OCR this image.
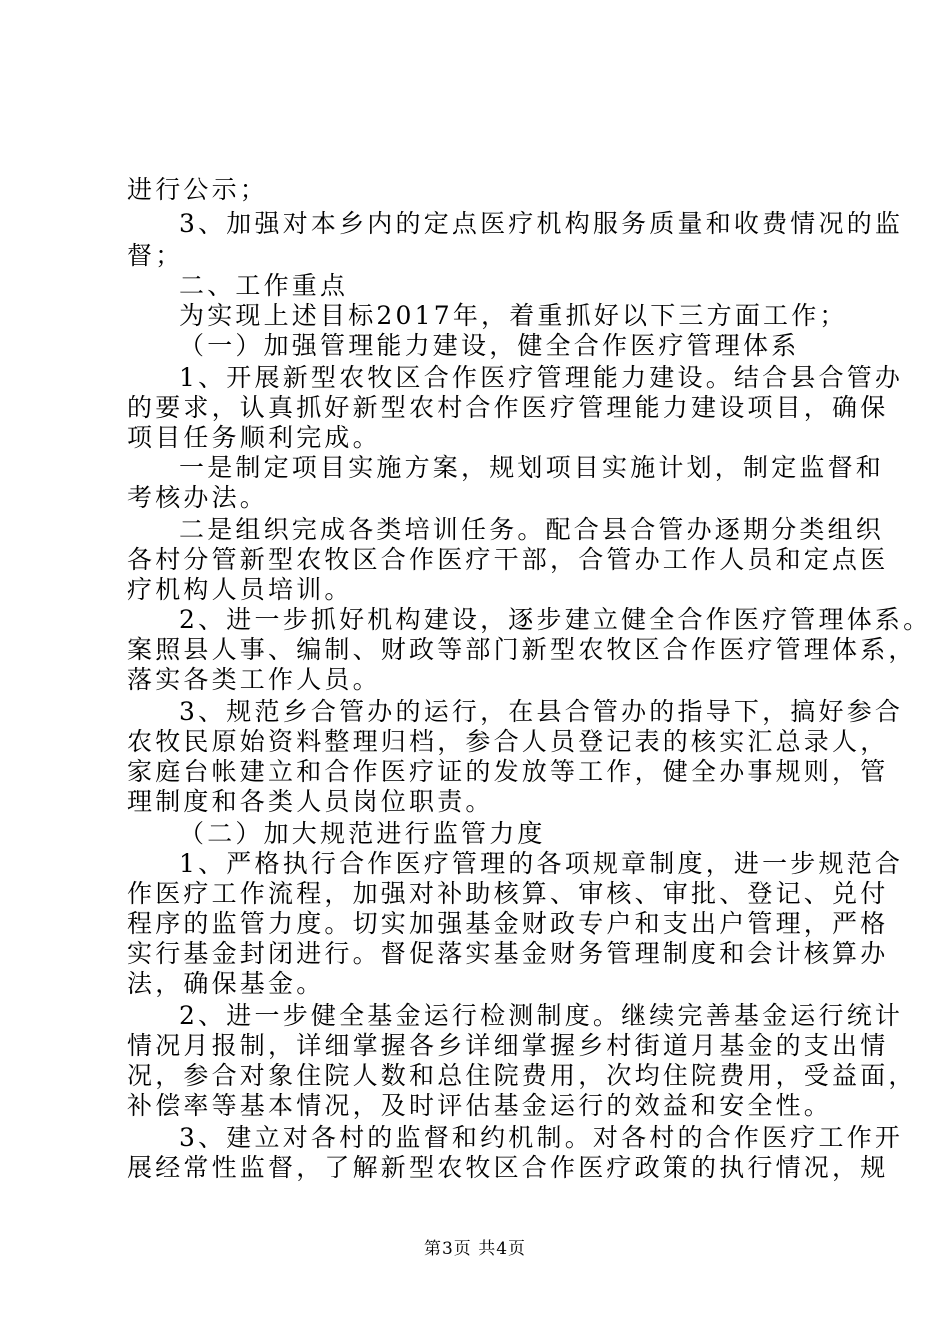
进行公示；
3、加强对本乡内的定点医疗机构服务质量和收费情况的监
督；
二、工作重点
为实现上述目标2017年，着重抓好以下三方面工作；
（一）加强管理能力建设，健全合作医疗管理体系
1、开展新型农牧区合作医疗管理能力建设。结合县合管办
的要求，认真抓好新型农村合作医疗管理能力建设项目，确保
项目任务顺利完成。
一是制定项目实施方案，规划项目实施计划，制定监督和
考核办法。
二是组织完成各类培训任务。配合县合管办逐期分类组织
各村分管新型农牧区合作医疗干部，合管办工作人员和定点医
疗机构人员培训。
2、进一步抓好机构建设，逐步建立健全合作医疗管理体系。
案照县人事、编制、财政等部门新型农牧区合作医疗管理体系，
落实各类工作人员。
3、规范乡合管办的运行，在县合管办的指导下，搞好参合
农牧民原始资料整理归档，参合人员登记表的核实汇总录人，
家庭台帐建立和合作医疗证的发放等工作，健全办事规则，管
理制度和各类人员岗位职责。
（二）加大规范进行监管力度
1、严格执行合作医疗管理的各项规章制度，进一步规范合
作医疗工作流程，加强对补助核算、审核、审批、登记、兑付
程序的监管力度。切实加强基金财政专户和支出户管理，严格
实行基金封闭进行。督促落实基金财务管理制度和会计核算办
法，确保基金。
2、进一步健全基金运行检测制度。继续完善基金运行统计
情况月报制，详细掌握各乡详细掌握乡村街道月基金的支出情
况，参合对象住院人数和总住院费用，次均住院费用，受益面，
补偿率等基本情况，及时评估基金运行的效益和安全性。
3、建立对各村的监督和约机制。对各村的合作医疗工作开
展经常性监督，了解新型农牧区合作医疗政策的执行情况，规
第3页 共4页
